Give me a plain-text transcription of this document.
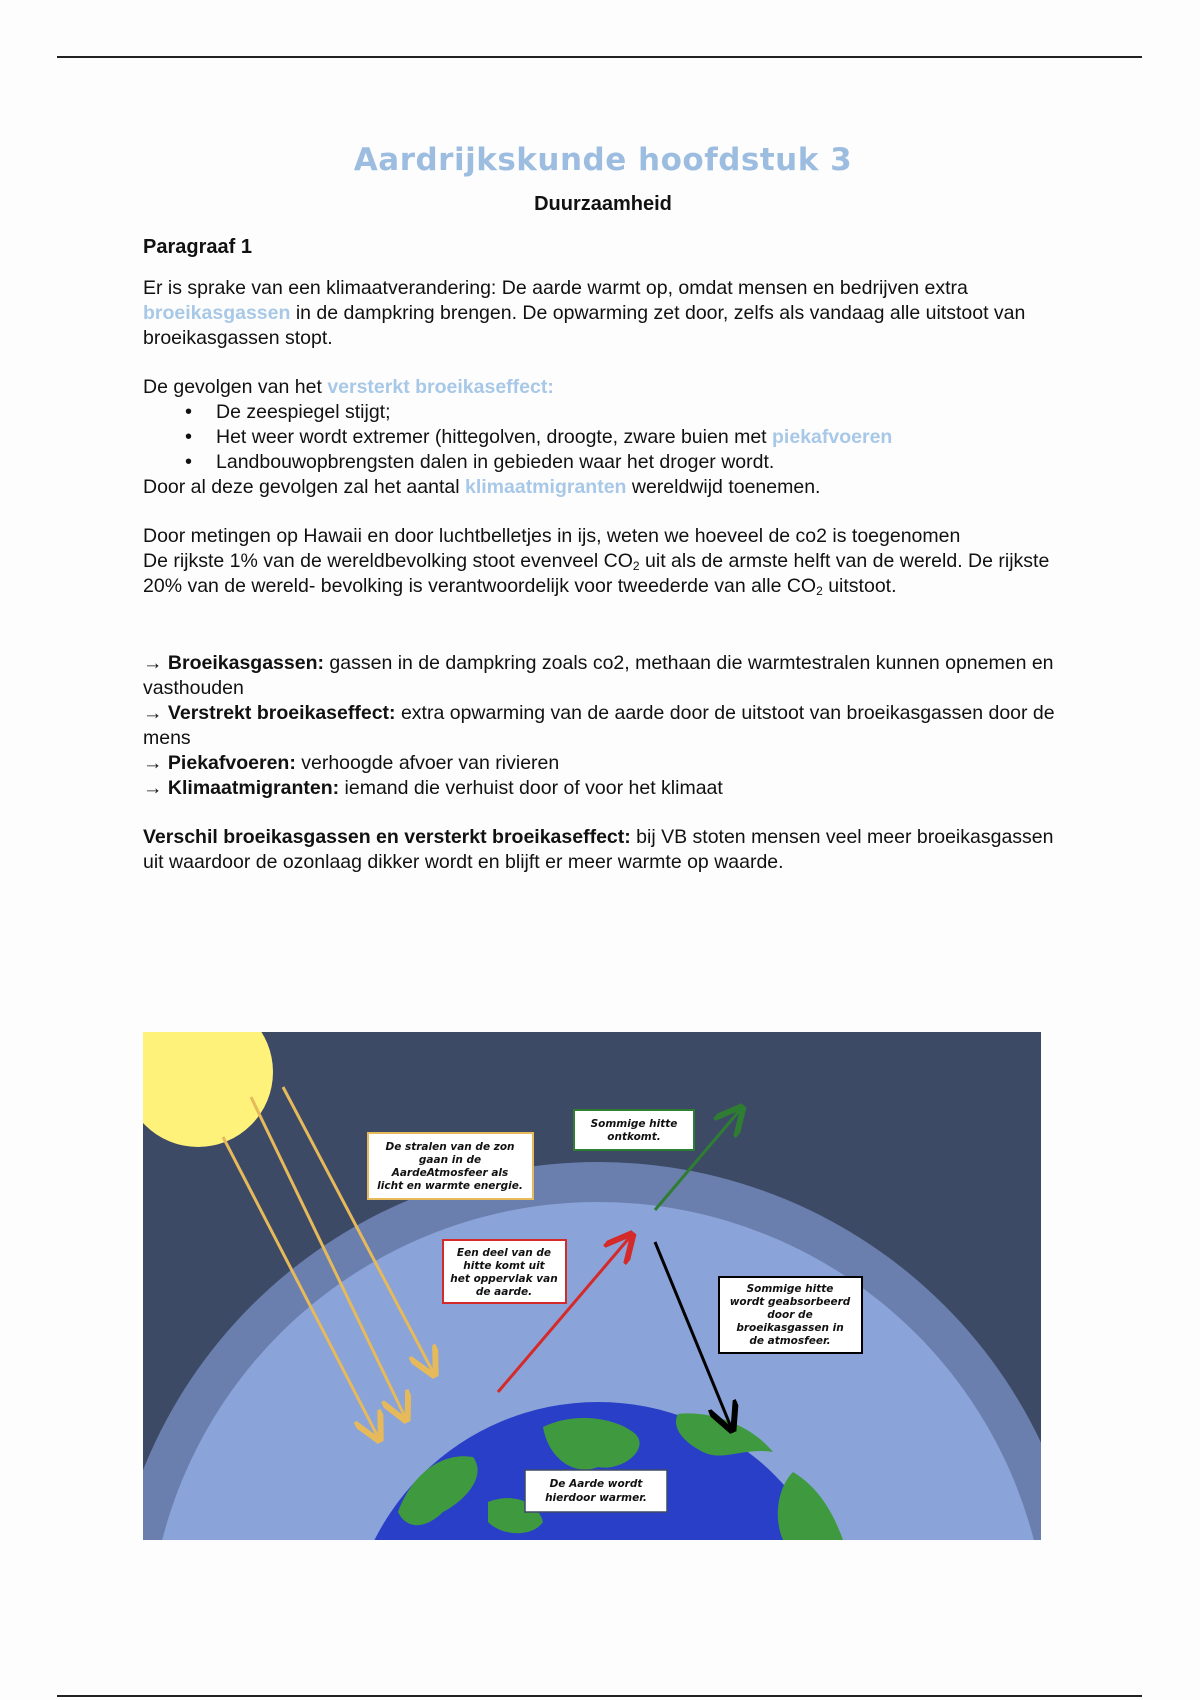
Aardrijkskunde hoofdstuk 3
Duurzaamheid
Paragraaf 1

Er is sprake van een klimaatverandering: De aarde warmt op, omdat mensen en bedrijven extra broeikasgassen in de dampkring brengen. De opwarming zet door, zelfs als vandaag alle uitstoot van broeikasgassen stopt.

De gevolgen van het versterkt broeikaseffect:

• De zeespiegel stijgt;
• Het weer wordt extremer (hittegolven, droogte, zware buien met piekafvoeren
• Landbouwopbrengsten dalen in gebieden waar het droger wordt.

Door al deze gevolgen zal het aantal klimaatmigranten wereldwijd toenemen.

Door metingen op Hawaii en door luchtbelletjes in ijs, weten we hoeveel de co2 is toegenomen

De rijkste 1% van de wereldbevolking stoot evenveel $CO_2$ uit als de armste helft van de wereld. De rijkste 20% van de wereld- bevolking is verantwoordelijk voor tweederde van alle $CO_2$ uitstoot.

→ Broeikasgassen: gassen in de dampkring zoals co2, methaan die warmtestralen kunnen opnemen en vasthouden

→ Verstrekt broeikaseffect: extra opwarming van de aarde door de uitstoot van broeikasgassen door de mens

→ Piekafvoeren: verhoogde afvoer van rivieren

→ Klimaatmigranten: iemand die verhuist door of voor het klimaat

Verschil broeikasgassen en versterkt broeikaseffect: bij VB stoten mensen veel meer broeikasgassen uit waardoor de ozonlaag dikker wordt en blijft er meer warmte op waarde.

De stralen van de zon
gaan in de
AardeAtmosfeer als
licht en warmte energie.
Sommige hitte
ontkomt.
Een deel van de
hitte komt uit
het oppervlak van
de aarde.	Sommige hitte
wordt geabsorbeerd
door de
broeikasgassen in
de atmosfeer.
De Aarde wordt
hierdoor warmer.
